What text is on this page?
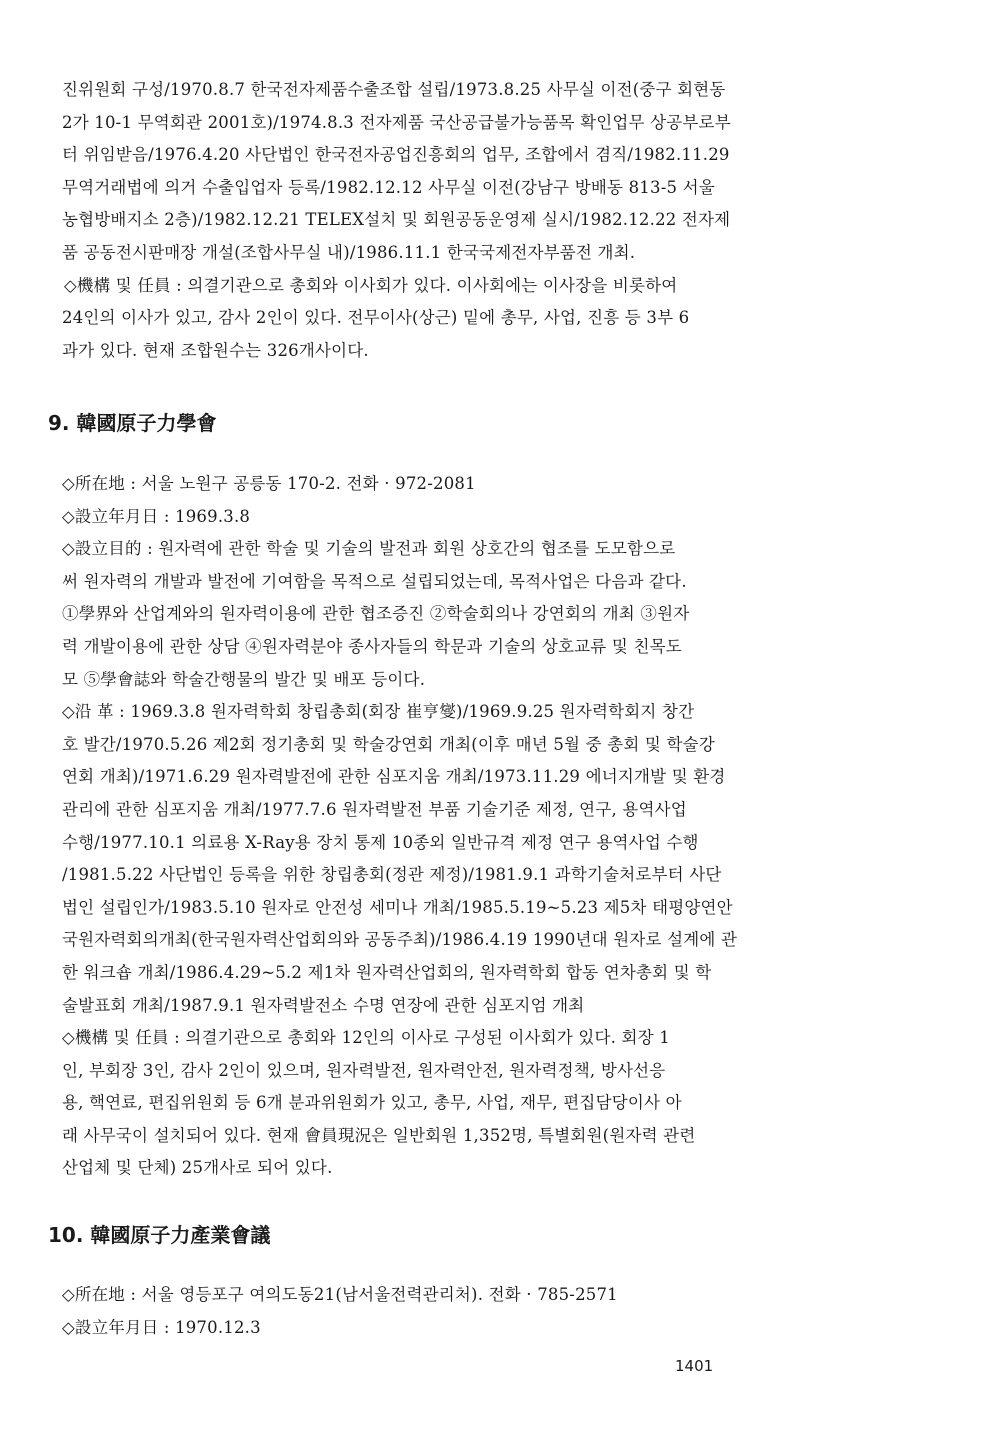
진위원회 구성/1970.8.7 한국전자제품수출조합 설립/1973.8.25 사무실 이전(중구 회현동
2가 10-1 무역회관 2001호)/1974.8.3 전자제품 국산공급불가능품목 확인업무 상공부로부
터 위임받음/1976.4.20 사단법인 한국전자공업진흥회의 업무, 조합에서 겸직/1982.11.29
무역거래법에 의거 수출입업자 등록/1982.12.12 사무실 이전(강남구 방배동 813-5 서울
농협방배지소 2층)/1982.12.21 TELEX설치 및 회원공동운영제 실시/1982.12.22 전자제
품 공동전시판매장 개설(조합사무실 내)/1986.11.1 한국국제전자부품전 개최.
◇機構 및 任員 : 의결기관으로 총회와 이사회가 있다. 이사회에는 이사장을 비롯하여
24인의 이사가 있고, 감사 2인이 있다. 전무이사(상근) 밑에 총무, 사업, 진흥 등 3부 6
과가 있다. 현재 조합원수는 326개사이다.
9. 韓國原子力學會
◇所在地 : 서울 노원구 공릉동 170-2. 전화 · 972-2081
◇設立年月日 : 1969.3.8
◇設立目的 : 원자력에 관한 학술 및 기술의 발전과 회원 상호간의 협조를 도모함으로
써 원자력의 개발과 발전에 기여함을 목적으로 설립되었는데, 목적사업은 다음과 같다.
①學界와 산업계와의 원자력이용에 관한 협조증진 ②학술회의나 강연회의 개최 ③원자
력 개발이용에 관한 상담 ④원자력분야 종사자들의 학문과 기술의 상호교류 및 친목도
모 ⑤學會誌와 학술간행물의 발간 및 배포 등이다.
◇沿 革 : 1969.3.8 원자력학회 창립총회(회장 崔亨燮)/1969.9.25 원자력학회지 창간
호 발간/1970.5.26 제2회 정기총회 및 학술강연회 개최(이후 매년 5월 중 총회 및 학술강
연회 개최)/1971.6.29 원자력발전에 관한 심포지움 개최/1973.11.29 에너지개발 및 환경
관리에 관한 심포지움 개최/1977.7.6 원자력발전 부품 기술기준 제정, 연구, 용역사업
수행/1977.10.1 의료용 X-Ray용 장치 통제 10종외 일반규격 제정 연구 용역사업 수행
/1981.5.22 사단법인 등록을 위한 창립총회(정관 제정)/1981.9.1 과학기술처로부터 사단
법인 설립인가/1983.5.10 원자로 안전성 세미나 개최/1985.5.19~5.23 제5차 태평양연안
국원자력회의개최(한국원자력산업회의와 공동주최)/1986.4.19 1990년대 원자로 설계에 관
한 워크숍 개최/1986.4.29~5.2 제1차 원자력산업회의, 원자력학회 합동 연차총회 및 학
술발표회 개최/1987.9.1 원자력발전소 수명 연장에 관한 심포지엄 개최
◇機構 및 任員 : 의결기관으로 총회와 12인의 이사로 구성된 이사회가 있다. 회장 1
인, 부회장 3인, 감사 2인이 있으며, 원자력발전, 원자력안전, 원자력정책, 방사선응
용, 핵연료, 편집위원회 등 6개 분과위원회가 있고, 총무, 사업, 재무, 편집담당이사 아
래 사무국이 설치되어 있다. 현재 會員現況은 일반회원 1,352명, 특별회원(원자력 관련
산업체 및 단체) 25개사로 되어 있다.
10. 韓國原子力產業會議
◇所在地 : 서울 영등포구 여의도동21(남서울전력관리처). 전화 · 785-2571
◇設立年月日 : 1970.12.3
1401
